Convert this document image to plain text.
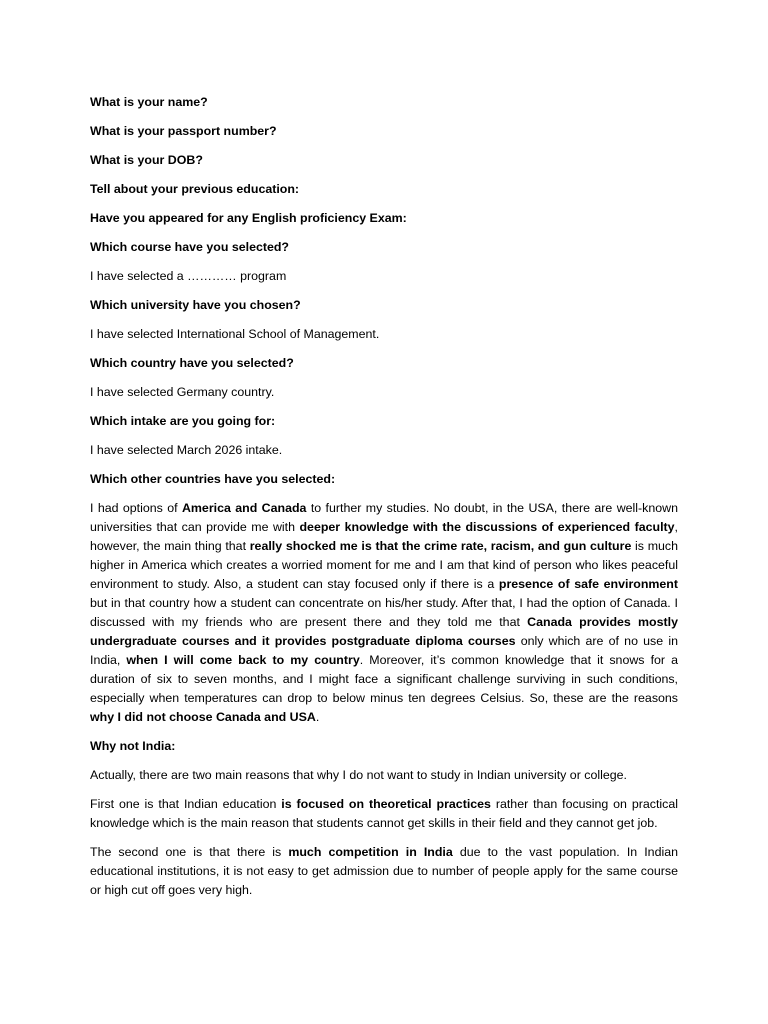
What is your name?

What is your passport number?

What is your DOB?

Tell about your previous education:

Have you appeared for any English proficiency Exam:

Which course have you selected?

I have selected a ………… program

Which university have you chosen?

I have selected International School of Management.

Which country have you selected?

I have selected Germany country.

Which intake are you going for:

I have selected March 2026 intake.

Which other countries have you selected:

I had options of America and Canada to further my studies. No doubt, in the USA, there are well-known universities that can provide me with deeper knowledge with the discussions of experienced faculty, however, the main thing that really shocked me is that the crime rate, racism, and gun culture is much higher in America which creates a worried moment for me and I am that kind of person who likes peaceful environment to study. Also, a student can stay focused only if there is a presence of safe environment but in that country how a student can concentrate on his/her study. After that, I had the option of Canada. I discussed with my friends who are present there and they told me that Canada provides mostly undergraduate courses and it provides postgraduate diploma courses only which are of no use in India, when I will come back to my country. Moreover, it’s common knowledge that it snows for a duration of six to seven months, and I might face a significant challenge surviving in such conditions, especially when temperatures can drop to below minus ten degrees Celsius. So, these are the reasons why I did not choose Canada and USA.

Why not India:

Actually, there are two main reasons that why I do not want to study in Indian university or college.

First one is that Indian education is focused on theoretical practices rather than focusing on practical knowledge which is the main reason that students cannot get skills in their field and they cannot get job.

The second one is that there is much competition in India due to the vast population. In Indian educational institutions, it is not easy to get admission due to number of people apply for the same course or high cut off goes very high.
